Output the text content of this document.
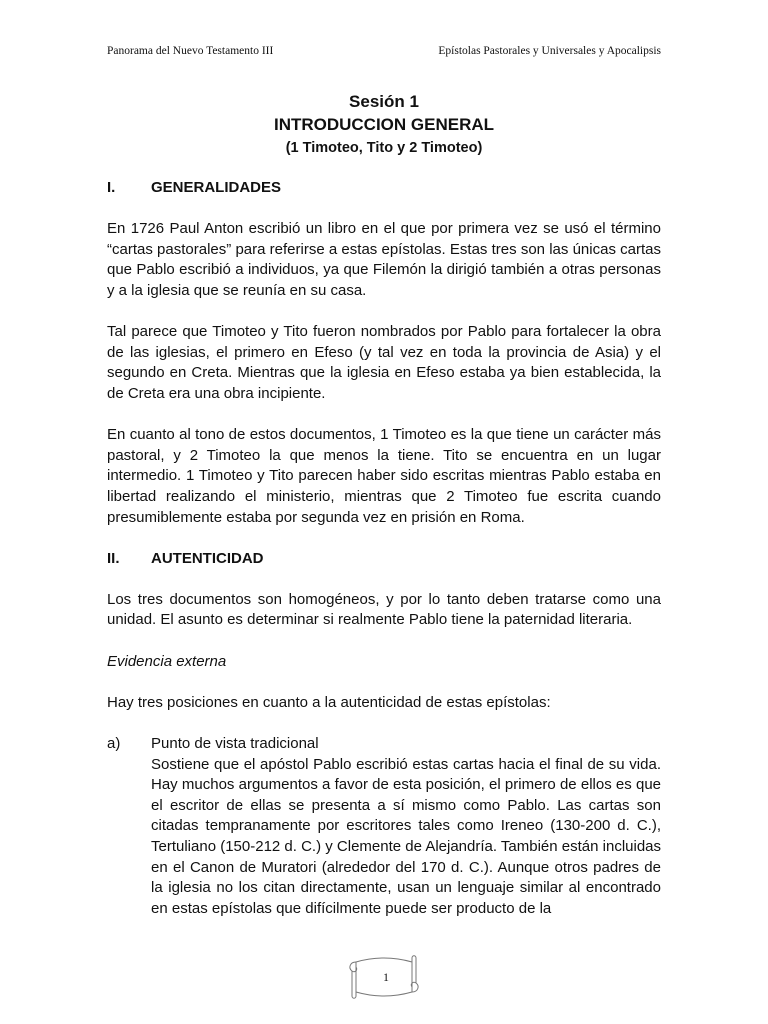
Panorama del Nuevo Testamento III	Epístolas Pastorales y Universales y Apocalipsis
Sesión 1
INTRODUCCION GENERAL
(1 Timoteo, Tito y 2 Timoteo)
I.	GENERALIDADES

En 1726 Paul Anton escribió un libro en el que por primera vez se usó el término “cartas pastorales” para referirse a estas epístolas. Estas tres son las únicas cartas que Pablo escribió a individuos, ya que Filemón la dirigió también a otras personas y a la iglesia que se reunía en su casa.

Tal parece que Timoteo y Tito fueron nombrados por Pablo para fortalecer la obra de las iglesias, el primero en Efeso (y tal vez en toda la provincia de Asia) y el segundo en Creta. Mientras que la iglesia en Efeso estaba ya bien establecida, la de Creta era una obra incipiente.

En cuanto al tono de estos documentos, 1 Timoteo es la que tiene un carácter más pastoral, y 2 Timoteo la que menos la tiene. Tito se encuentra en un lugar intermedio. 1 Timoteo y Tito parecen haber sido escritas mientras Pablo estaba en libertad realizando el ministerio, mientras que 2 Timoteo fue escrita cuando presumiblemente estaba por segunda vez en prisión en Roma.

II.	AUTENTICIDAD

Los tres documentos son homogéneos, y por lo tanto deben tratarse como una unidad. El asunto es determinar si realmente Pablo tiene la paternidad literaria.

Evidencia externa

Hay tres posiciones en cuanto a la autenticidad de estas epístolas:

a)	Punto de vista tradicional

Sostiene que el apóstol Pablo escribió estas cartas hacia el final de su vida. Hay muchos argumentos a favor de esta posición, el primero de ellos es que el escritor de ellas se presenta a sí mismo como Pablo. Las cartas son citadas tempranamente por escritores tales como Ireneo (130-200 d. C.), Tertuliano (150-212 d. C.) y Clemente de Alejandría. También están incluidas en el Canon de Muratori (alrededor del 170 d. C.). Aunque otros padres de la iglesia no los citan directamente, usan un lenguaje similar al encontrado en estas epístolas que difícilmente puede ser producto de la

1
